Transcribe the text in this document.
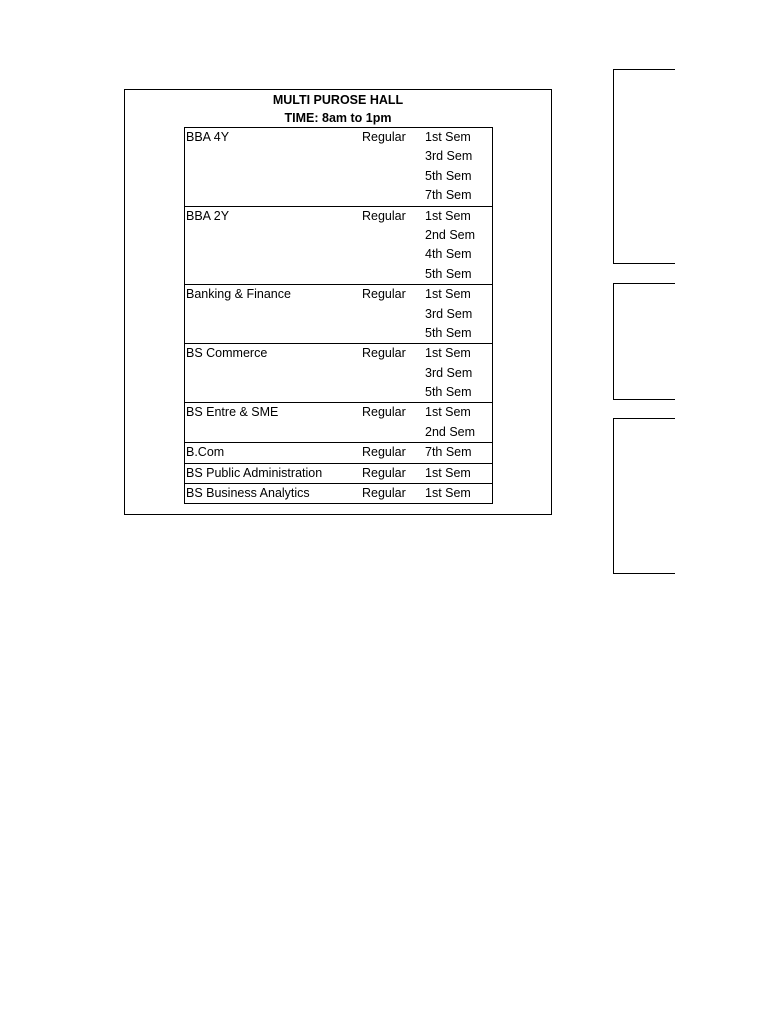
MULTI PUROSE HALL
TIME: 8am to 1pm
BBA 4Y	Regular 1st Sem
3rd Sem
5th Sem
7th Sem
BBA 2Y	Regular 1st Sem
2nd Sem
4th Sem
5th Sem
Banking & Finance	Regular 1st Sem
3rd Sem
5th Sem
BS Commerce	Regular 1st Sem
3rd Sem
5th Sem
BS Entre & SME	Regular 1st Sem
2nd Sem
B.Com	Regular 7th Sem
BS Public Administration	Regular 1st Sem
BS Business Analytics	Regular 1st Sem
